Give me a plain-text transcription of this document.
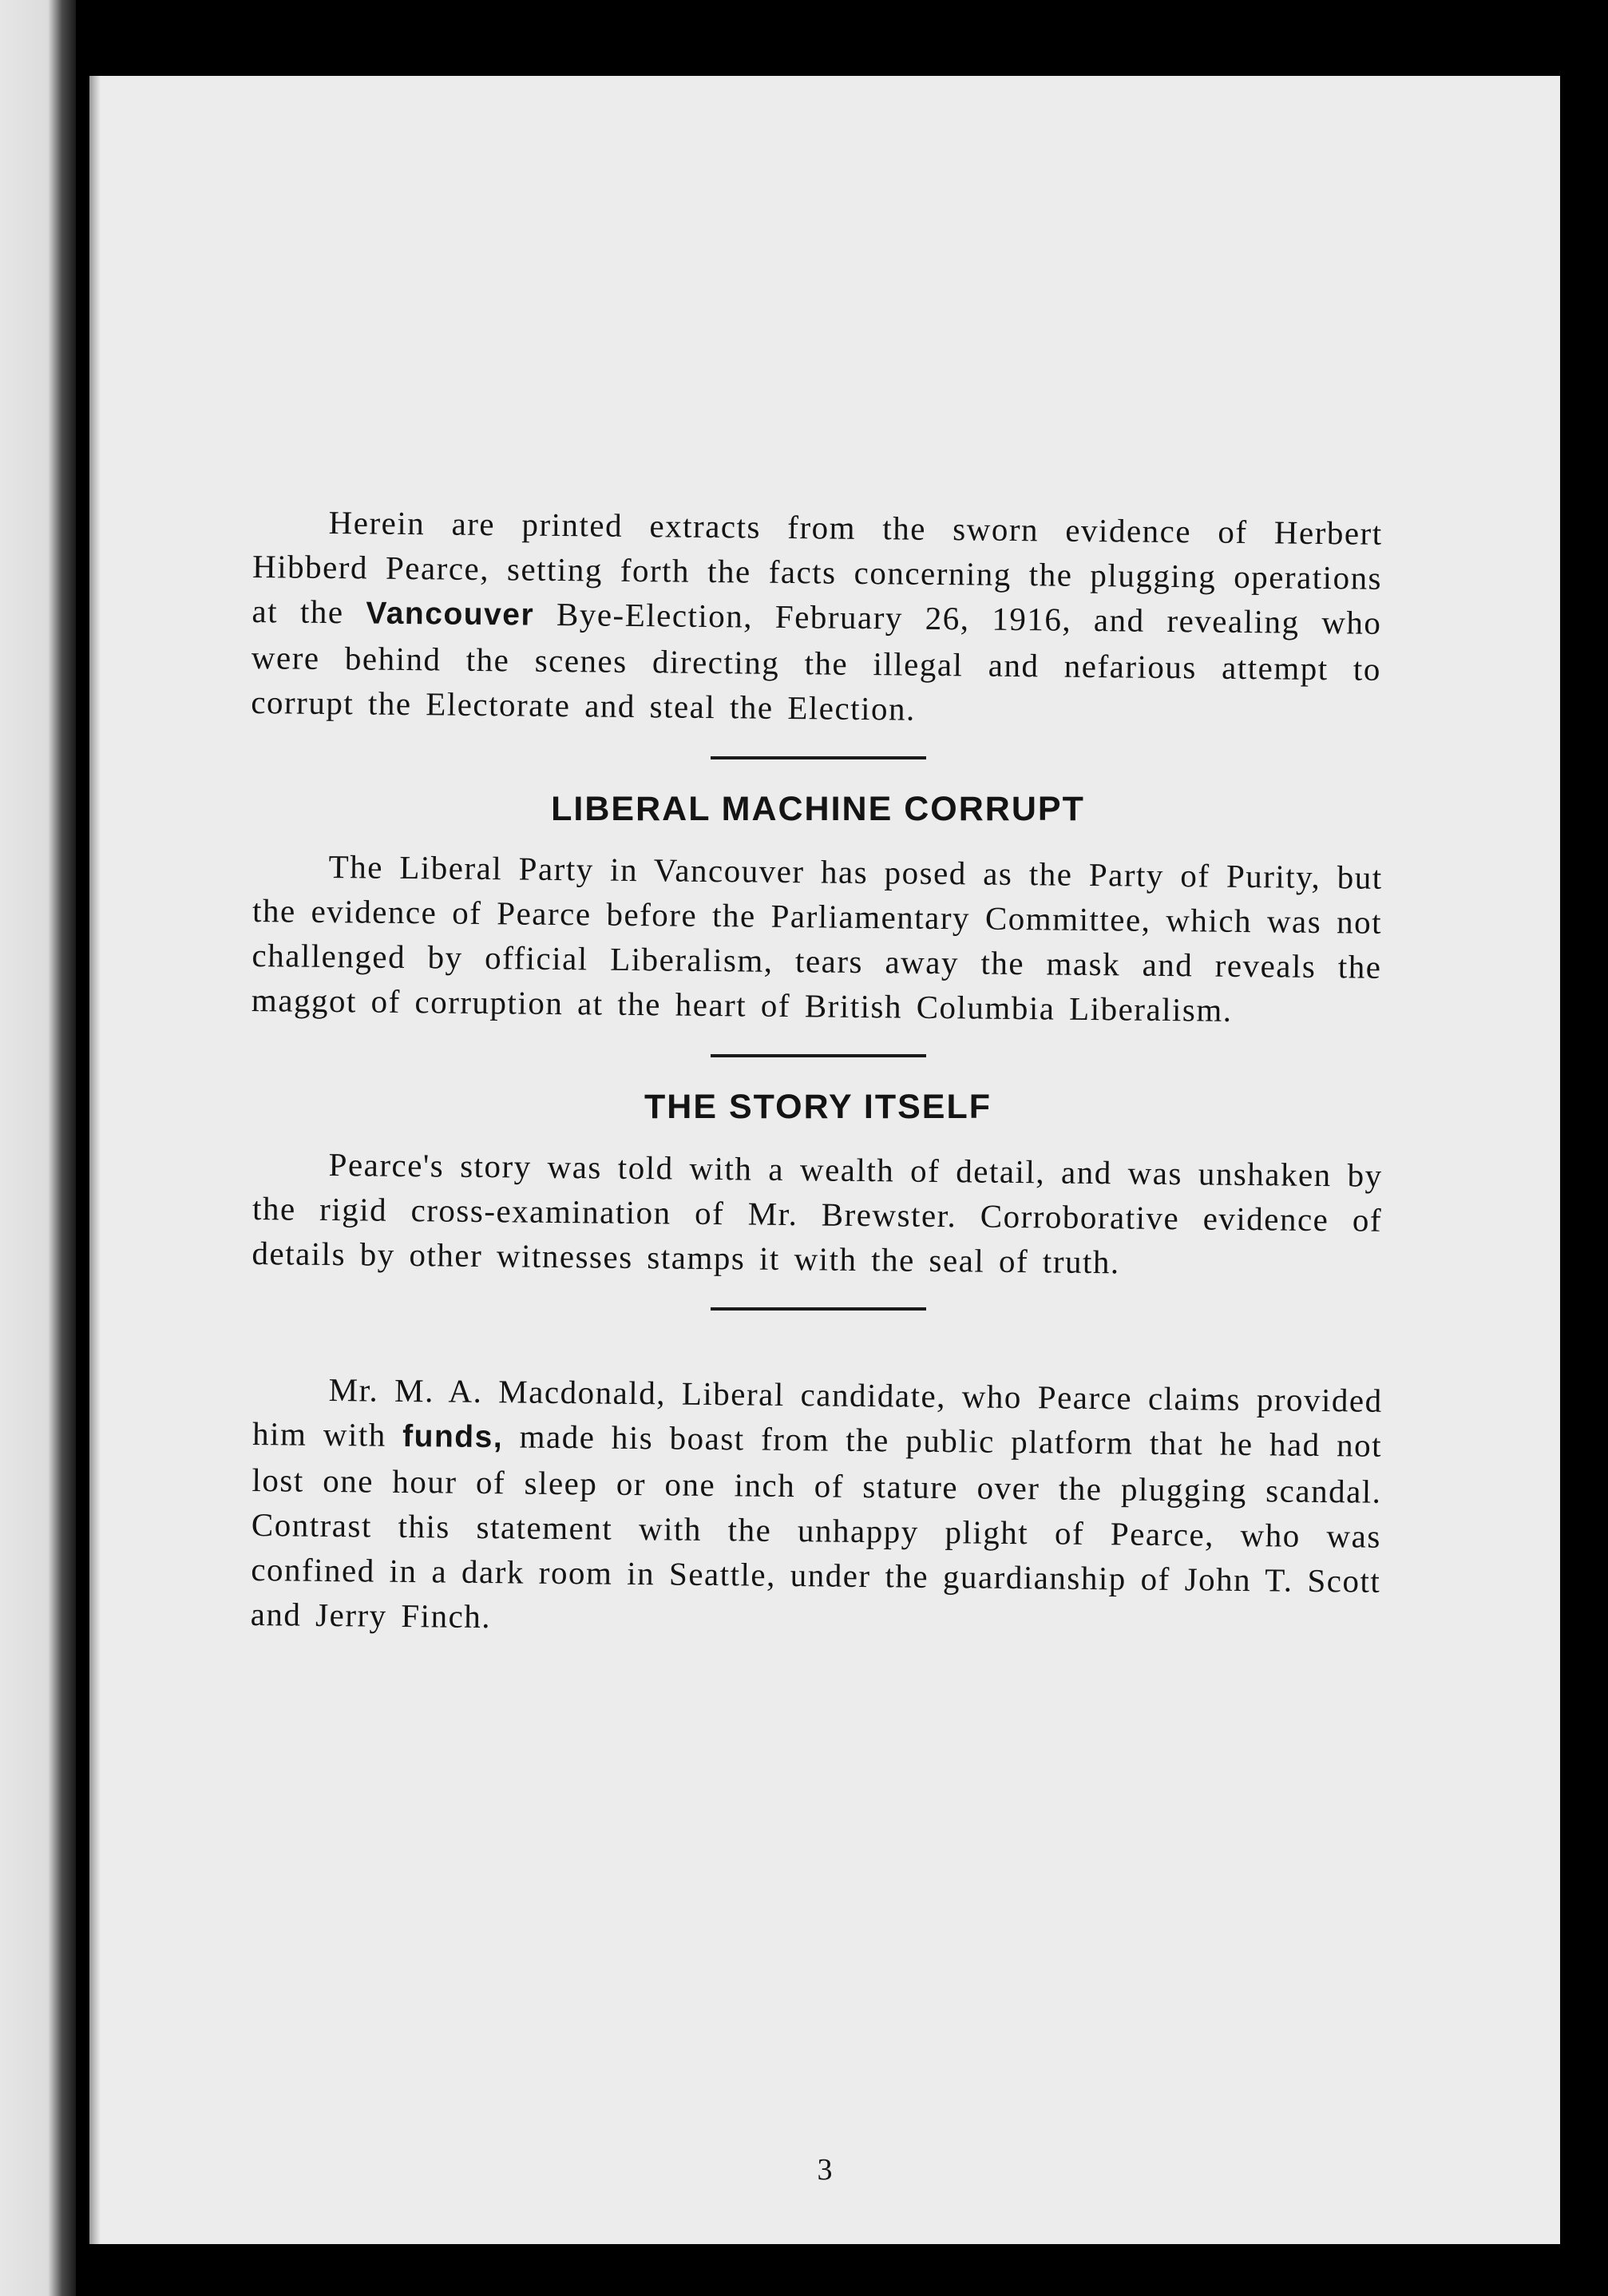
Herein are printed extracts from the sworn evidence of Herbert Hibberd Pearce, setting forth the facts concerning the plugging operations at the Vancouver Bye-Election, February 26, 1916, and revealing who were behind the scenes directing the illegal and nefarious attempt to corrupt the Electorate and steal the Election.

LIBERAL MACHINE CORRUPT

The Liberal Party in Vancouver has posed as the Party of Purity, but the evidence of Pearce before the Parliamentary Committee, which was not challenged by official Liberalism, tears away the mask and reveals the maggot of corruption at the heart of British Columbia Liberalism.

THE STORY ITSELF

Pearce's story was told with a wealth of detail, and was unshaken by the rigid cross-examination of Mr. Brewster. Corroborative evidence of details by other witnesses stamps it with the seal of truth.

Mr. M. A. Macdonald, Liberal candidate, who Pearce claims provided him with funds, made his boast from the public platform that he had not lost one hour of sleep or one inch of stature over the plugging scandal. Contrast this statement with the unhappy plight of Pearce, who was confined in a dark room in Seattle, under the guardianship of John T. Scott and Jerry Finch.

3
